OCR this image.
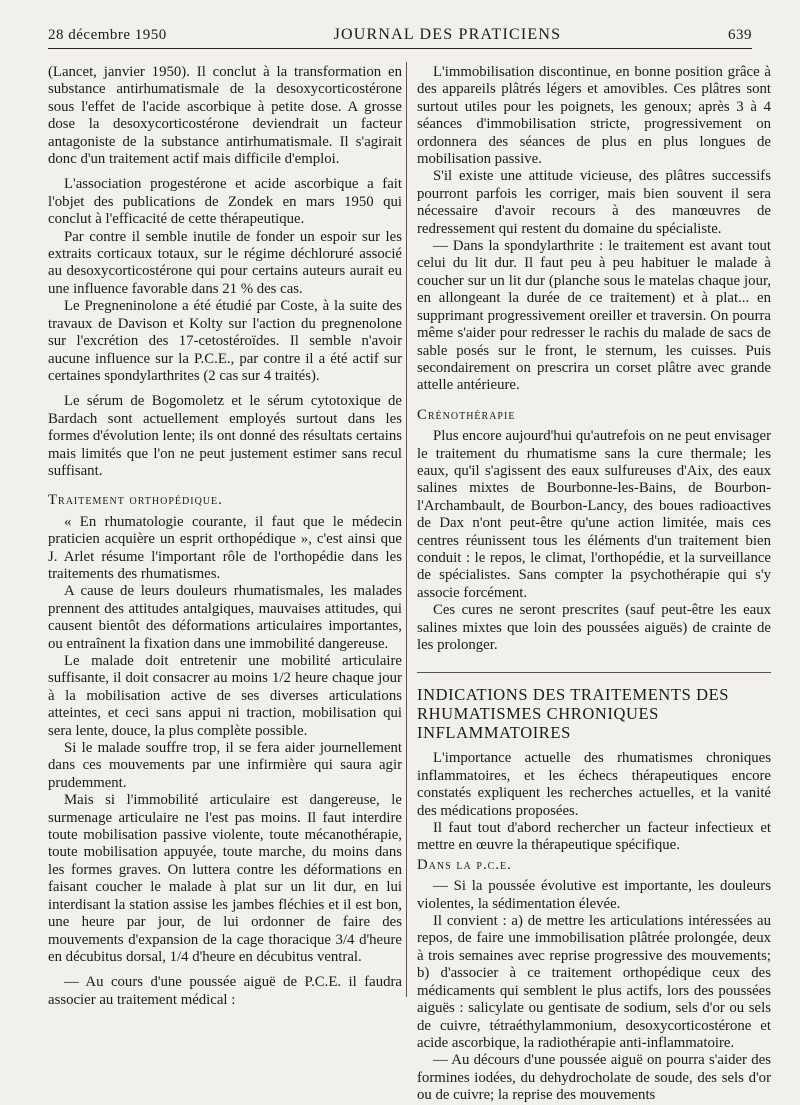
28 décembre 1950	JOURNAL DES PRATICIENS	639

(Lancet, janvier 1950). Il conclut à la transformation en substance antirhumatismale de la desoxycorticostérone sous l'effet de l'acide ascorbique à petite dose. A grosse dose la desoxycorticostérone deviendrait un facteur antagoniste de la substance antirhumatismale. Il s'agirait donc d'un traitement actif mais difficile d'emploi.

L'association progestérone et acide ascorbique a fait l'objet des publications de Zondek en mars 1950 qui conclut à l'efficacité de cette thérapeutique.

Par contre il semble inutile de fonder un espoir sur les extraits corticaux totaux, sur le régime déchloruré associé au desoxycorticostérone qui pour certains auteurs aurait eu une influence favorable dans 21 % des cas.

Le Pregneninolone a été étudié par Coste, à la suite des travaux de Davison et Kolty sur l'action du pregnenolone sur l'excrétion des 17-cetostéroïdes. Il semble n'avoir aucune influence sur la P.C.E., par contre il a été actif sur certaines spondylarthrites (2 cas sur 4 traités).

Le sérum de Bogomoletz et le sérum cytotoxique de Bardach sont actuellement employés surtout dans les formes d'évolution lente; ils ont donné des résultats certains mais limités que l'on ne peut justement estimer sans recul suffisant.

Traitement orthopédique.

« En rhumatologie courante, il faut que le médecin praticien acquière un esprit orthopédique », c'est ainsi que J. Arlet résume l'important rôle de l'orthopédie dans les traitements des rhumatismes.

A cause de leurs douleurs rhumatismales, les malades prennent des attitudes antalgiques, mauvaises attitudes, qui causent bientôt des déformations articulaires importantes, ou entraînent la fixation dans une immobilité dangereuse.

Le malade doit entretenir une mobilité articulaire suffisante, il doit consacrer au moins 1/2 heure chaque jour à la mobilisation active de ses diverses articulations atteintes, et ceci sans appui ni traction, mobilisation qui sera lente, douce, la plus complète possible.

Si le malade souffre trop, il se fera aider journellement dans ces mouvements par une infirmière qui saura agir prudemment.

Mais si l'immobilité articulaire est dangereuse, le surmenage articulaire ne l'est pas moins. Il faut interdire toute mobilisation passive violente, toute mécanothérapie, toute mobilisation appuyée, toute marche, du moins dans les formes graves. On luttera contre les déformations en faisant coucher le malade à plat sur un lit dur, en lui interdisant la station assise les jambes fléchies et il est bon, une heure par jour, de lui ordonner de faire des mouvements d'expansion de la cage thoracique 3/4 d'heure en décubitus dorsal, 1/4 d'heure en décubitus ventral.

— Au cours d'une poussée aiguë de P.C.E. il faudra associer au traitement médical :

L'immobilisation discontinue, en bonne position grâce à des appareils plâtrés légers et amovibles. Ces plâtres sont surtout utiles pour les poignets, les genoux; après 3 à 4 séances d'immobilisation stricte, progressivement on ordonnera des séances de plus en plus longues de mobilisation passive.

S'il existe une attitude vicieuse, des plâtres successifs pourront parfois les corriger, mais bien souvent il sera nécessaire d'avoir recours à des manœuvres de redressement qui restent du domaine du spécialiste.

— Dans la spondylarthrite : le traitement est avant tout celui du lit dur. Il faut peu à peu habituer le malade à coucher sur un lit dur (planche sous le matelas chaque jour, en allongeant la durée de ce traitement) et à plat... en supprimant progressivement oreiller et traversin. On pourra même s'aider pour redresser le rachis du malade de sacs de sable posés sur le front, le sternum, les cuisses. Puis secondairement on prescrira un corset plâtre avec grande attelle antérieure.

Crénothérapie

Plus encore aujourd'hui qu'autrefois on ne peut envisager le traitement du rhumatisme sans la cure thermale; les eaux, qu'il s'agissent des eaux sulfureuses d'Aix, des eaux salines mixtes de Bourbonne-les-Bains, de Bourbon-l'Archambault, de Bourbon-Lancy, des boues radioactives de Dax n'ont peut-être qu'une action limitée, mais ces centres réunissent tous les éléments d'un traitement bien conduit : le repos, le climat, l'orthopédie, et la surveillance de spécialistes. Sans compter la psychothérapie qui s'y associe forcément.

Ces cures ne seront prescrites (sauf peut-être les eaux salines mixtes que loin des poussées aiguës) de crainte de les prolonger.

INDICATIONS DES TRAITEMENTS DES RHUMATISMES CHRONIQUES INFLAMMATOIRES

L'importance actuelle des rhumatismes chroniques inflammatoires, et les échecs thérapeutiques encore constatés expliquent les recherches actuelles, et la vanité des médications proposées.

Il faut tout d'abord rechercher un facteur infectieux et mettre en œuvre la thérapeutique spécifique.

Dans la p.c.e.

— Si la poussée évolutive est importante, les douleurs violentes, la sédimentation élevée.

Il convient : a) de mettre les articulations intéressées au repos, de faire une immobilisation plâtrée prolongée, deux à trois semaines avec reprise progressive des mouvements; b) d'associer à ce traitement orthopédique ceux des médicaments qui semblent le plus actifs, lors des poussées aiguës : salicylate ou gentisate de sodium, sels d'or ou sels de cuivre, tétraéthylammonium, desoxycorticostérone et acide ascorbique, la radiothérapie anti-inflammatoire.

— Au décours d'une poussée aiguë on pourra s'aider des formines iodées, du dehydrocholate de soude, des sels d'or ou de cuivre; la reprise des mouvements
